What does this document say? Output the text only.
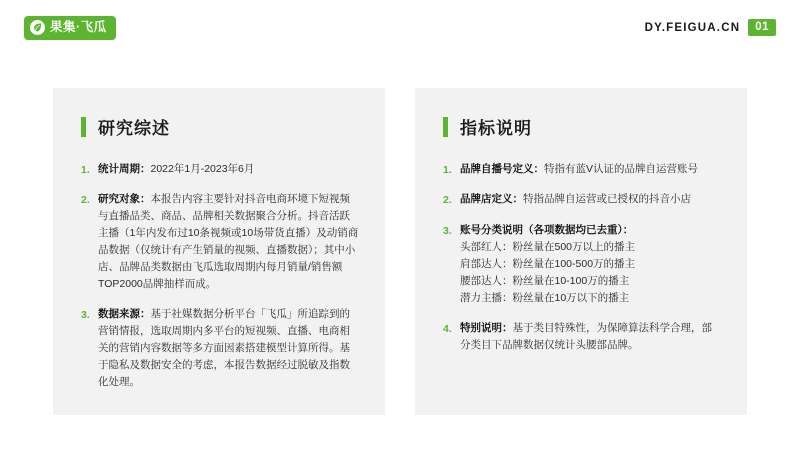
果集·飞瓜	DY.FEIGUA.CN	01
研究综述
1. 统计周期：2022年1月-2023年6月
2. 研究对象：本报告内容主要针对抖音电商环境下短视频与直播品类、商品、品牌相关数据聚合分析。抖音活跃主播（1年内发布过10条视频或10场带货直播）及动销商品数据（仅统计有产生销量的视频、直播数据）；其中小店、品牌品类数据由飞瓜选取周期内每月销量/销售额TOP2000品牌抽样而成。
3. 数据来源：基于社媒数据分析平台「飞瓜」所追踪到的营销情报，选取周期内多平台的短视频、直播、电商相关的营销内容数据等多方面因素搭建模型计算所得。基于隐私及数据安全的考虑，本报告数据经过脱敏及指数化处理。
指标说明
1. 品牌自播号定义：特指有蓝V认证的品牌自运营账号
2. 品牌店定义：特指品牌自运营或已授权的抖音小店
3. 账号分类说明（各项数据均已去重）：
头部红人：粉丝量在500万以上的播主
肩部达人：粉丝量在100-500万的播主
腰部达人：粉丝量在10-100万的播主
潜力主播：粉丝量在10万以下的播主
4. 特别说明：基于类目特殊性，为保障算法科学合理，部分类目下品牌数据仅统计头腰部品牌。
